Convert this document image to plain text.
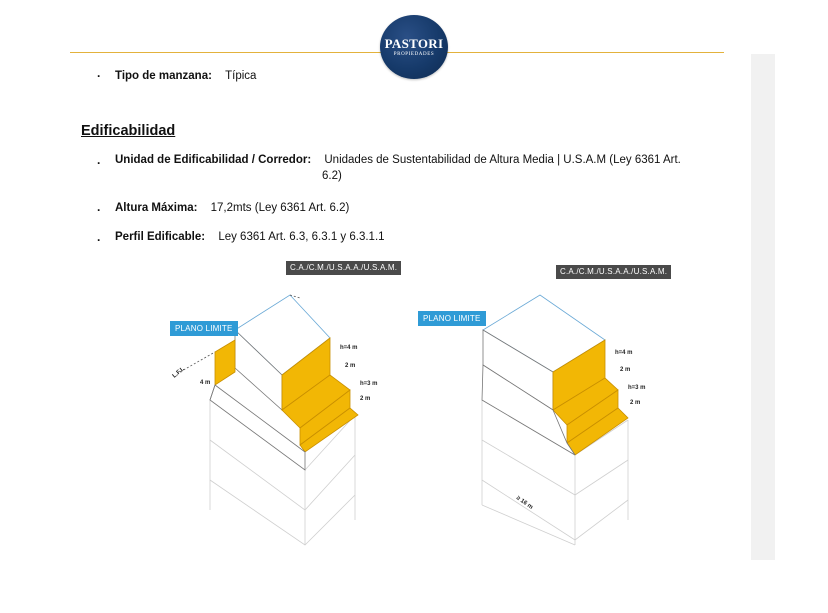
PASTORI
PROPIEDADES
. Tipo de manzana: Típica
Edificabilidad
. Unidad de Edificabilidad / Corredor: Unidades de Sustentabilidad de Altura Media | U.S.A.M (Ley 6361 Art.
6.2)
. Altura Máxima: 17,2mts (Ley 6361 Art. 6.2)
. Perfil Edificable: Ley 6361 Art. 6.3, 6.3.1 y 6.3.1.1
C.A./C.M./U.S.A.A./U.S.A.M.
PLANO LIMITE
L.F.I.
h=4 m
2 m
h=3 m
2 m
4 m
C.A./C.M./U.S.A.A./U.S.A.M.
PLANO LIMITE
h=4 m
2 m
h=3 m
2 m
≥ 16 m
